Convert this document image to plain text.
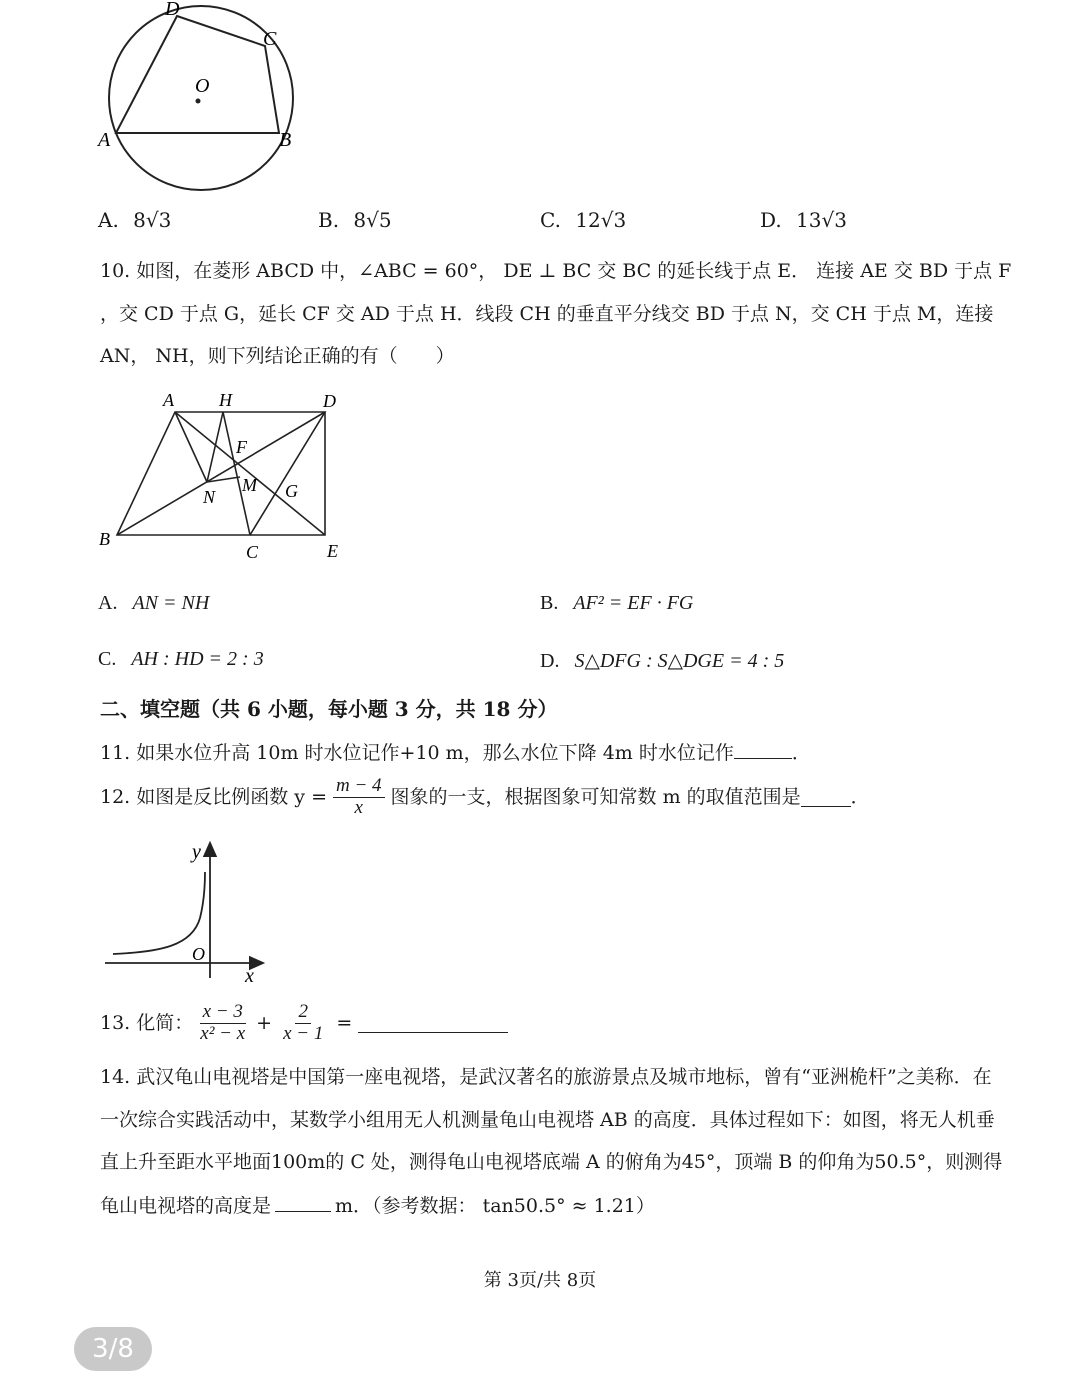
D
C
O
A	B
A. 8√3	B. 8√5	C. 12√3	D. 13√3
10. 如图，在菱形 ABCD 中，∠ABC = 60°， DE ⊥ BC 交 BC 的延长线于点 E． 连接 AE 交 BD 于点 F
，交 CD 于点 G，延长 CF 交 AD 于点 H．线段 CH 的垂直平分线交 BD 于点 N，交 CH 于点 M，连接
AN， NH，则下列结论正确的有（　　）
A	H	D
F
N
M G
B
C	E
A. AN = NH	B. AF² = EF · FG
C. AH : HD = 2 : 3	D. S△DFG : S△DGE = 4 : 5
二、填空题（共 6 小题，每小题 3 分，共 18 分）
11. 如果水位升高 10m 时水位记作+10 m，那么水位下降 4m 时水位记作	．
12. 如图是反比例函数 $y = \frac{m - 4}{x}$ 图象的一支，根据图象可知常数 m 的取值范围是	．
y
O
x
13. 化简： $\frac{x - 3}{\text{x² − x}} + \frac{2}{x - 1}$ =
14. 武汉龟山电视塔是中国第一座电视塔，是武汉著名的旅游景点及城市地标，曾有“亚洲桅杆”之美称．在
一次综合实践活动中，某数学小组用无人机测量龟山电视塔 AB 的高度．具体过程如下：如图，将无人机垂
直上升至距水平地面100m的 C 处，测得龟山电视塔底端 A 的俯角为45°，顶端 B 的仰角为50.5°，则测得
龟山电视塔的高度是	m．（参考数据： tan50.5° ≈ 1.21）
第 3页/共 8页
3/8
